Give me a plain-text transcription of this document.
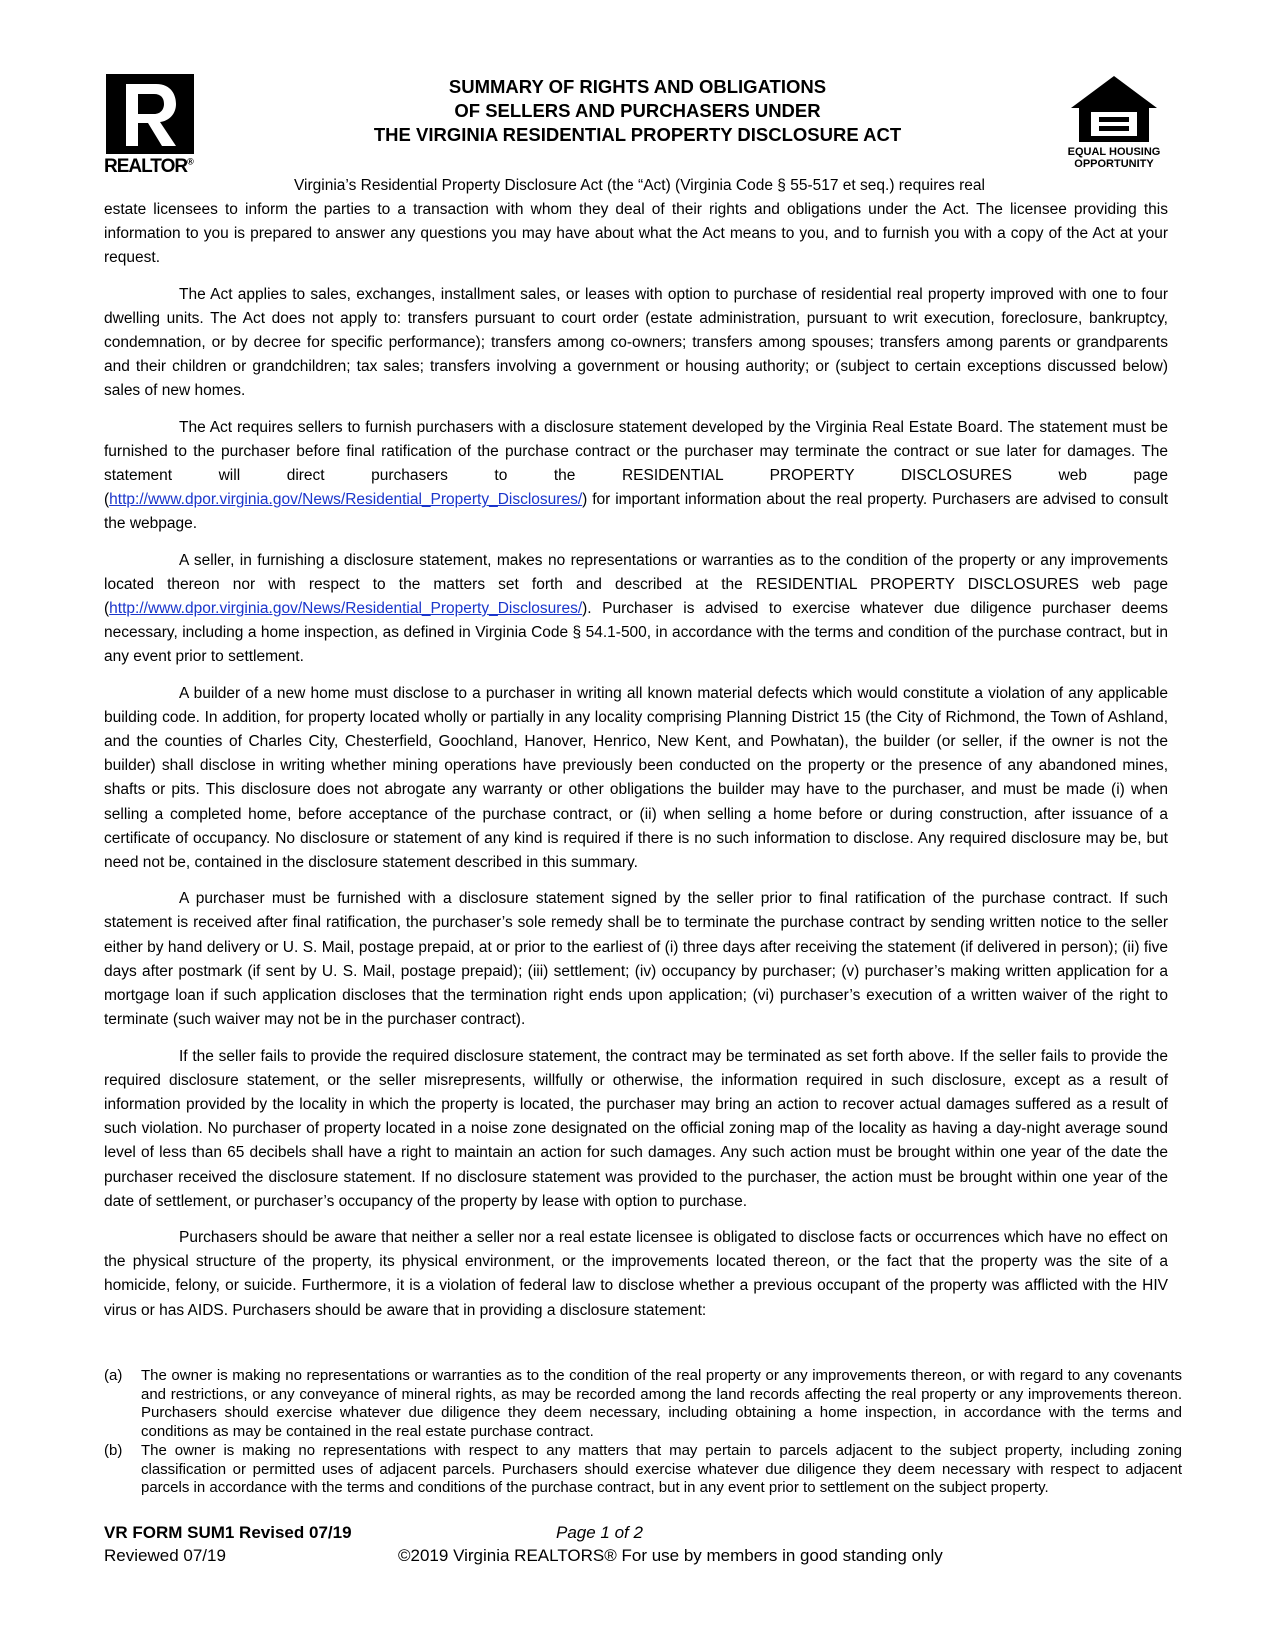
REALTOR®
SUMMARY OF RIGHTS AND OBLIGATIONS
OF SELLERS AND PURCHASERS UNDER
THE VIRGINIA RESIDENTIAL PROPERTY DISCLOSURE ACT
EQUAL HOUSING
OPPORTUNITY
Virginia’s Residential Property Disclosure Act (the “Act) (Virginia Code § 55-517 et seq.) requires real

estate licensees to inform the parties to a transaction with whom they deal of their rights and obligations under the Act. The licensee providing this information to you is prepared to answer any questions you may have about what the Act means to you, and to furnish you with a copy of the Act at your request.

The Act applies to sales, exchanges, installment sales, or leases with option to purchase of residential real property improved with one to four dwelling units. The Act does not apply to: transfers pursuant to court order (estate administration, pursuant to writ execution, foreclosure, bankruptcy, condemnation, or by decree for specific performance); transfers among co-owners; transfers among spouses; transfers among parents or grandparents and their children or grandchildren; tax sales; transfers involving a government or housing authority; or (subject to certain exceptions discussed below) sales of new homes.

The Act requires sellers to furnish purchasers with a disclosure statement developed by the Virginia Real Estate Board. The statement must be furnished to the purchaser before final ratification of the purchase contract or the purchaser may terminate the contract or sue later for damages. The statement will direct purchasers to the RESIDENTIAL PROPERTY DISCLOSURES web page (http://www.dpor.virginia.gov/News/Residential_Property_Disclosures/) for important information about the real property. Purchasers are advised to consult the webpage.

A seller, in furnishing a disclosure statement, makes no representations or warranties as to the condition of the property or any improvements located thereon nor with respect to the matters set forth and described at the RESIDENTIAL PROPERTY DISCLOSURES web page (http://www.dpor.virginia.gov/News/Residential_Property_Disclosures/). Purchaser is advised to exercise whatever due diligence purchaser deems necessary, including a home inspection, as defined in Virginia Code § 54.1-500, in accordance with the terms and condition of the purchase contract, but in any event prior to settlement.

A builder of a new home must disclose to a purchaser in writing all known material defects which would constitute a violation of any applicable building code. In addition, for property located wholly or partially in any locality comprising Planning District 15 (the City of Richmond, the Town of Ashland, and the counties of Charles City, Chesterfield, Goochland, Hanover, Henrico, New Kent, and Powhatan), the builder (or seller, if the owner is not the builder) shall disclose in writing whether mining operations have previously been conducted on the property or the presence of any abandoned mines, shafts or pits. This disclosure does not abrogate any warranty or other obligations the builder may have to the purchaser, and must be made (i) when selling a completed home, before acceptance of the purchase contract, or (ii) when selling a home before or during construction, after issuance of a certificate of occupancy. No disclosure or statement of any kind is required if there is no such information to disclose. Any required disclosure may be, but need not be, contained in the disclosure statement described in this summary.

A purchaser must be furnished with a disclosure statement signed by the seller prior to final ratification of the purchase contract. If such statement is received after final ratification, the purchaser’s sole remedy shall be to terminate the purchase contract by sending written notice to the seller either by hand delivery or U. S. Mail, postage prepaid, at or prior to the earliest of (i) three days after receiving the statement (if delivered in person); (ii) five days after postmark (if sent by U. S. Mail, postage prepaid); (iii) settlement; (iv) occupancy by purchaser; (v) purchaser’s making written application for a mortgage loan if such application discloses that the termination right ends upon application; (vi) purchaser’s execution of a written waiver of the right to terminate (such waiver may not be in the purchaser contract).

If the seller fails to provide the required disclosure statement, the contract may be terminated as set forth above. If the seller fails to provide the required disclosure statement, or the seller misrepresents, willfully or otherwise, the information required in such disclosure, except as a result of information provided by the locality in which the property is located, the purchaser may bring an action to recover actual damages suffered as a result of such violation. No purchaser of property located in a noise zone designated on the official zoning map of the locality as having a day-night average sound level of less than 65 decibels shall have a right to maintain an action for such damages. Any such action must be brought within one year of the date the purchaser received the disclosure statement. If no disclosure statement was provided to the purchaser, the action must be brought within one year of the date of settlement, or purchaser’s occupancy of the property by lease with option to purchase.

Purchasers should be aware that neither a seller nor a real estate licensee is obligated to disclose facts or occurrences which have no effect on the physical structure of the property, its physical environment, or the improvements located thereon, or the fact that the property was the site of a homicide, felony, or suicide. Furthermore, it is a violation of federal law to disclose whether a previous occupant of the property was afflicted with the HIV virus or has AIDS. Purchasers should be aware that in providing a disclosure statement:

(a) The owner is making no representations or warranties as to the condition of the real property or any improvements thereon, or with regard to any covenants and restrictions, or any conveyance of mineral rights, as may be recorded among the land records affecting the real property or any improvements thereon. Purchasers should exercise whatever due diligence they deem necessary, including obtaining a home inspection, in accordance with the terms and conditions as may be contained in the real estate purchase contract.
(b) The owner is making no representations with respect to any matters that may pertain to parcels adjacent to the subject property, including zoning classification or permitted uses of adjacent parcels. Purchasers should exercise whatever due diligence they deem necessary with respect to adjacent parcels in accordance with the terms and conditions of the purchase contract, but in any event prior to settlement on the subject property.
VR FORM SUM1 Revised 07/19	Page 1 of 2
Reviewed 07/19	©2019 Virginia REALTORS® For use by members in good standing only
